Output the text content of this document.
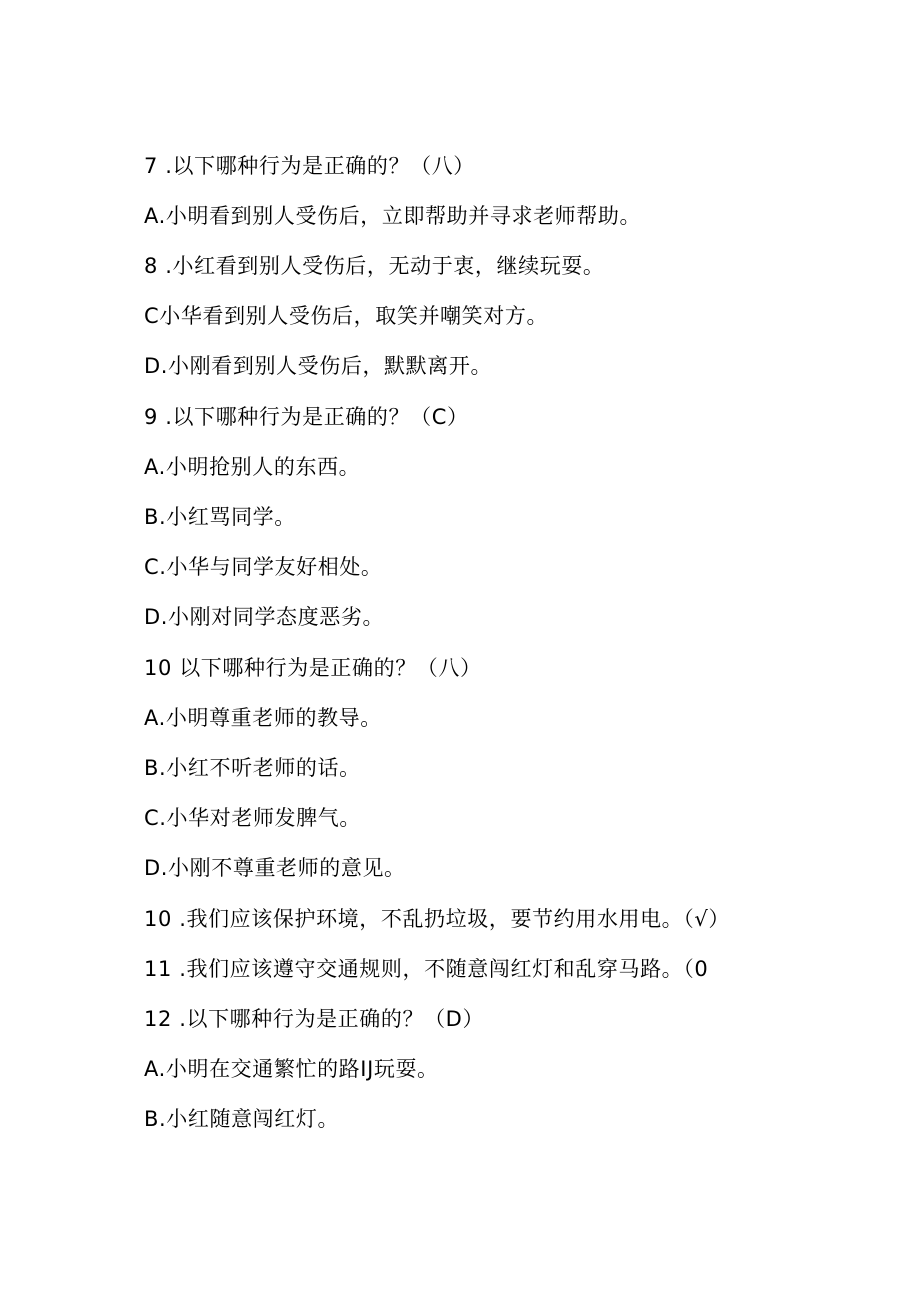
7 .以下哪种行为是正确的？（八）

A.小明看到别人受伤后，立即帮助并寻求老师帮助。

8 .小红看到别人受伤后，无动于衷，继续玩耍。

C小华看到别人受伤后，取笑并嘲笑对方。

D.小刚看到别人受伤后，默默离开。

9 .以下哪种行为是正确的？（C）

A.小明抢别人的东西。

B.小红骂同学。

C.小华与同学友好相处。

D.小刚对同学态度恶劣。

10 以下哪种行为是正确的？（八）

A.小明尊重老师的教导。

B.小红不听老师的话。

C.小华对老师发脾气。

D.小刚不尊重老师的意见。

10 .我们应该保护环境，不乱扔垃圾，要节约用水用电。（√）

11 .我们应该遵守交通规则，不随意闯红灯和乱穿马路。（0

12 .以下哪种行为是正确的？（D）

A.小明在交通繁忙的路IJ玩耍。

B.小红随意闯红灯。
